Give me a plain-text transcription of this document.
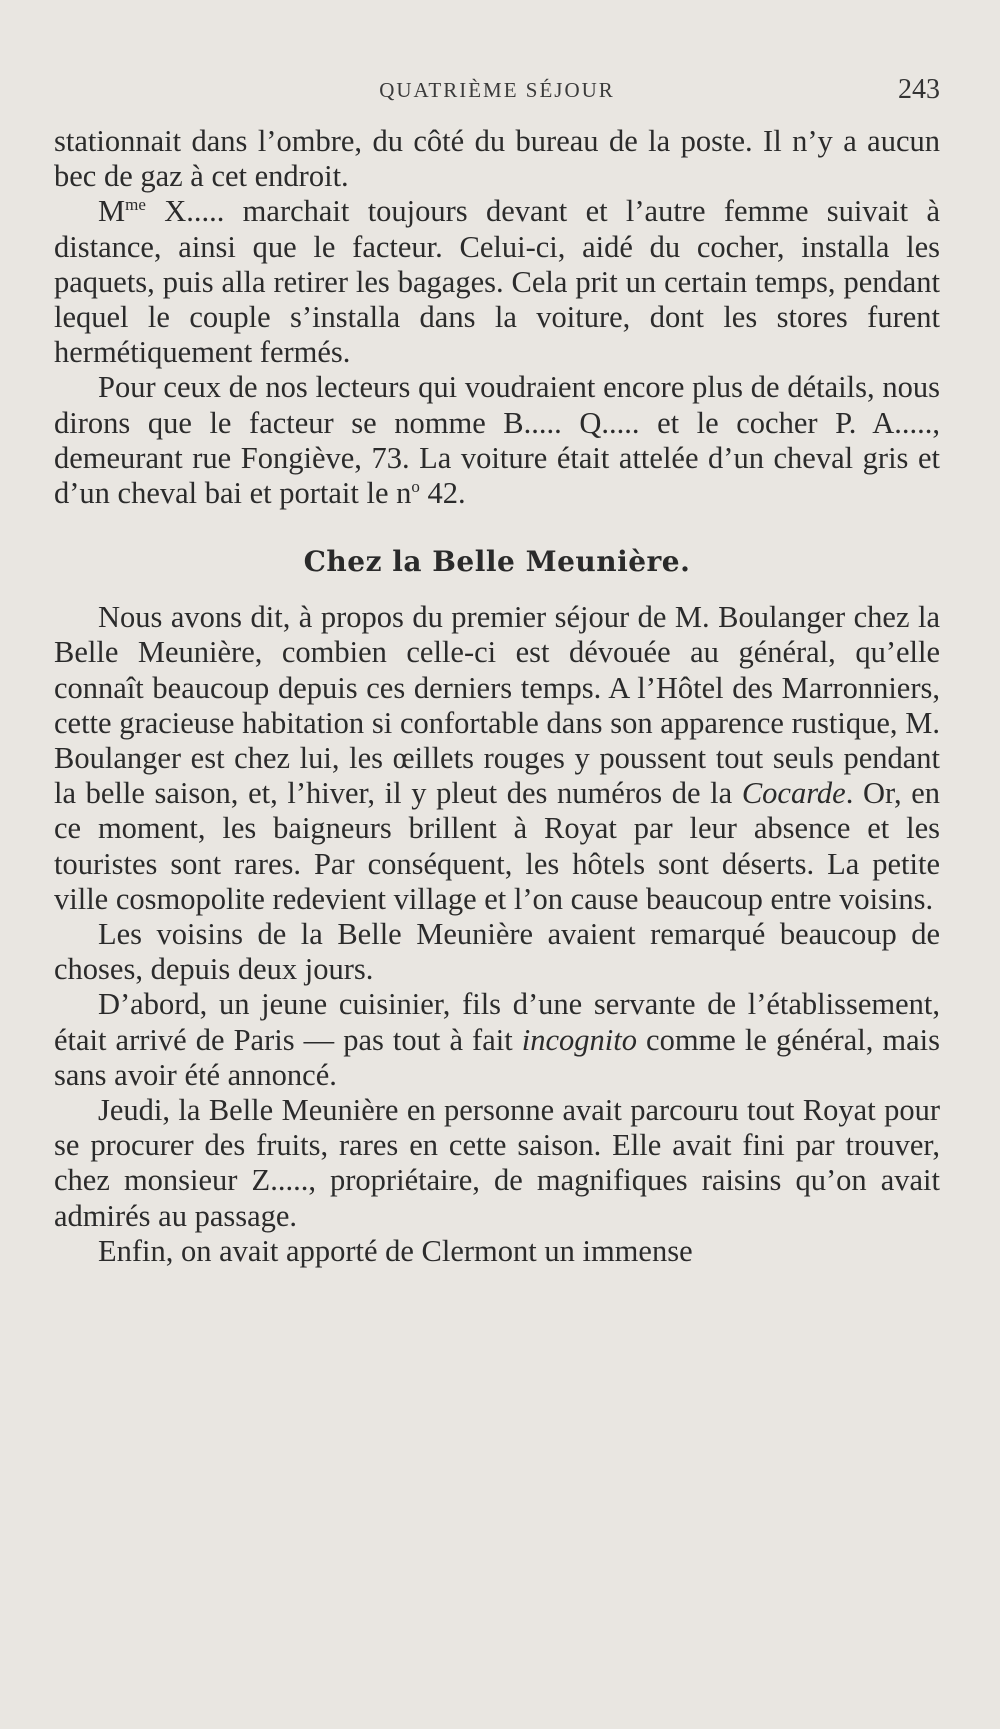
QUATRIÈME SÉJOUR	243

stationnait dans l’ombre, du côté du bureau de la poste. Il n’y a aucun bec de gaz à cet endroit.

$M^{me}$ X..... marchait toujours devant et l’autre femme suivait à distance, ainsi que le facteur. Celui-ci, aidé du cocher, installa les paquets, puis alla retirer les bagages. Cela prit un certain temps, pendant lequel le couple s’installa dans la voiture, dont les stores furent hermétiquement fermés.

Pour ceux de nos lecteurs qui voudraient encore plus de détails, nous dirons que le facteur se nomme B..... Q..... et le cocher P. A....., demeurant rue Fongiève, 73. La voiture était attelée d’un cheval gris et d’un cheval bai et portait le $n^o$ 42.

Chez la Belle Meunière.

Nous avons dit, à propos du premier séjour de M. Boulanger chez la Belle Meunière, combien celle-ci est dévouée au général, qu’elle connaît beaucoup depuis ces derniers temps. A l’Hôtel des Marronniers, cette gracieuse habitation si confortable dans son apparence rustique, M. Boulanger est chez lui, les œillets rouges y poussent tout seuls pendant la belle saison, et, l’hiver, il y pleut des numéros de la Cocarde. Or, en ce moment, les baigneurs brillent à Royat par leur absence et les touristes sont rares. Par conséquent, les hôtels sont déserts. La petite ville cosmopolite redevient village et l’on cause beaucoup entre voisins.

Les voisins de la Belle Meunière avaient remarqué beaucoup de choses, depuis deux jours.

D’abord, un jeune cuisinier, fils d’une servante de l’établissement, était arrivé de Paris — pas tout à fait incognito comme le général, mais sans avoir été annoncé.

Jeudi, la Belle Meunière en personne avait parcouru tout Royat pour se procurer des fruits, rares en cette saison. Elle avait fini par trouver, chez monsieur Z....., propriétaire, de magnifiques raisins qu’on avait admirés au passage.

Enfin, on avait apporté de Clermont un immense
